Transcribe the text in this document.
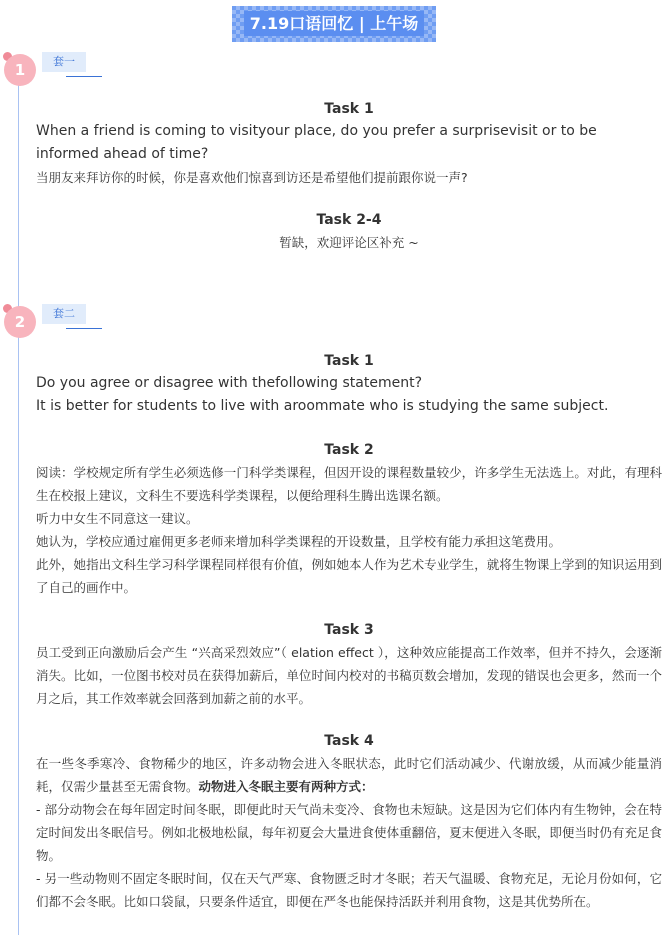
7.19口语回忆 | 上午场
1	套一
Task 1
When a friend is coming to visityour place, do you prefer a surprisevisit or to be informed ahead of time?
当朋友来拜访你的时候，你是喜欢他们惊喜到访还是希望他们提前跟你说一声?
Task 2-4
暂缺，欢迎评论区补充 ~
2	套二
Task 1
Do you agree or disagree with thefollowing statement?
It is better for students to live with aroommate who is studying the same subject.
Task 2
阅读：学校规定所有学生必须选修一门科学类课程，但因开设的课程数量较少，许多学生无法选上。对此，有理科生在校报上建议，文科生不要选科学类课程，以便给理科生腾出选课名额。
听力中女生不同意这一建议。
她认为，学校应通过雇佣更多老师来增加科学类课程的开设数量，且学校有能力承担这笔费用。
此外，她指出文科生学习科学课程同样很有价值，例如她本人作为艺术专业学生，就将生物课上学到的知识运用到了自己的画作中。
Task 3
员工受到正向激励后会产生 “兴高采烈效应”（ elation effect ），这种效应能提高工作效率，但并不持久，会逐渐消失。比如，一位图书校对员在获得加薪后，单位时间内校对的书稿页数会增加，发现的错误也会更多，然而一个月之后，其工作效率就会回落到加薪之前的水平。
Task 4
在一些冬季寒冷、食物稀少的地区，许多动物会进入冬眠状态，此时它们活动减少、代谢放缓，从而减少能量消耗，仅需少量甚至无需食物。动物进入冬眠主要有两种方式：
- 部分动物会在每年固定时间冬眠，即便此时天气尚未变冷、食物也未短缺。这是因为它们体内有生物钟，会在特定时间发出冬眠信号。例如北极地松鼠，每年初夏会大量进食使体重翻倍，夏末便进入冬眠，即便当时仍有充足食物。
- 另一些动物则不固定冬眠时间，仅在天气严寒、食物匮乏时才冬眠；若天气温暖、食物充足，无论月份如何，它们都不会冬眠。比如口袋鼠，只要条件适宜，即便在严冬也能保持活跃并利用食物，这是其优势所在。
